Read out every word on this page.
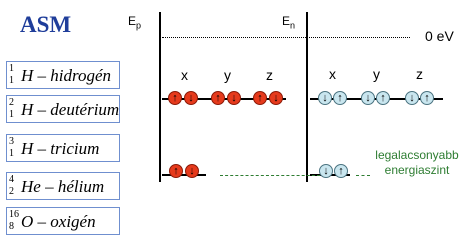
ASM
1
1 H – hidrogén
2
1 H – deutérium
3
1 H – tricium
4
2 He – hélium
16
8 O – oxigén
$E_p$	$E_n$
0 eV
x	y	z	x	y	z
↑ ↓	↑ ↓	↑ ↓	↓ ↑	↓ ↑	↓ ↑
↑ ↓	↓ ↑
legalacsonyabb
energiaszint
